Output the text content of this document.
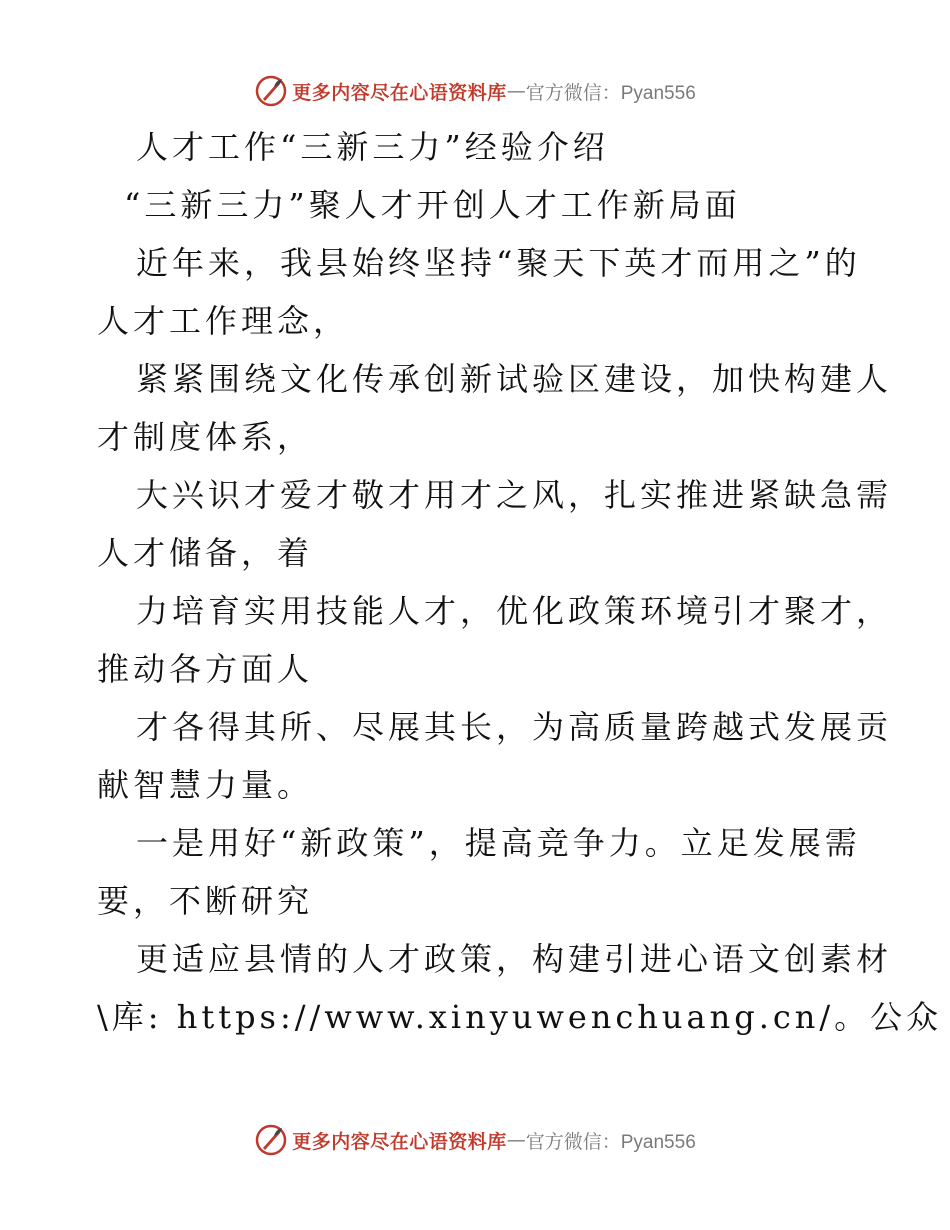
更多内容尽在心语资料库 — 官方微信：Pyan556
人才工作“三新三力”经验介绍
“三新三力”聚人才开创人才工作新局面
近年来，我县始终坚持“聚天下英才而用之”的
人才工作理念，
紧紧围绕文化传承创新试验区建设，加快构建人
才制度体系，
大兴识才爱才敬才用才之风，扎实推进紧缺急需
人才储备，着
力培育实用技能人才，优化政策环境引才聚才，
推动各方面人
才各得其所、尽展其长，为高质量跨越式发展贡
献智慧力量。
一是用好“新政策”，提高竞争力。立足发展需
要，不断研究
更适应县情的人才政策，构建引进心语文创素材
\库: https://www.xinyuwenchuang.cn/。公众
更多内容尽在心语资料库 — 官方微信：Pyan556
